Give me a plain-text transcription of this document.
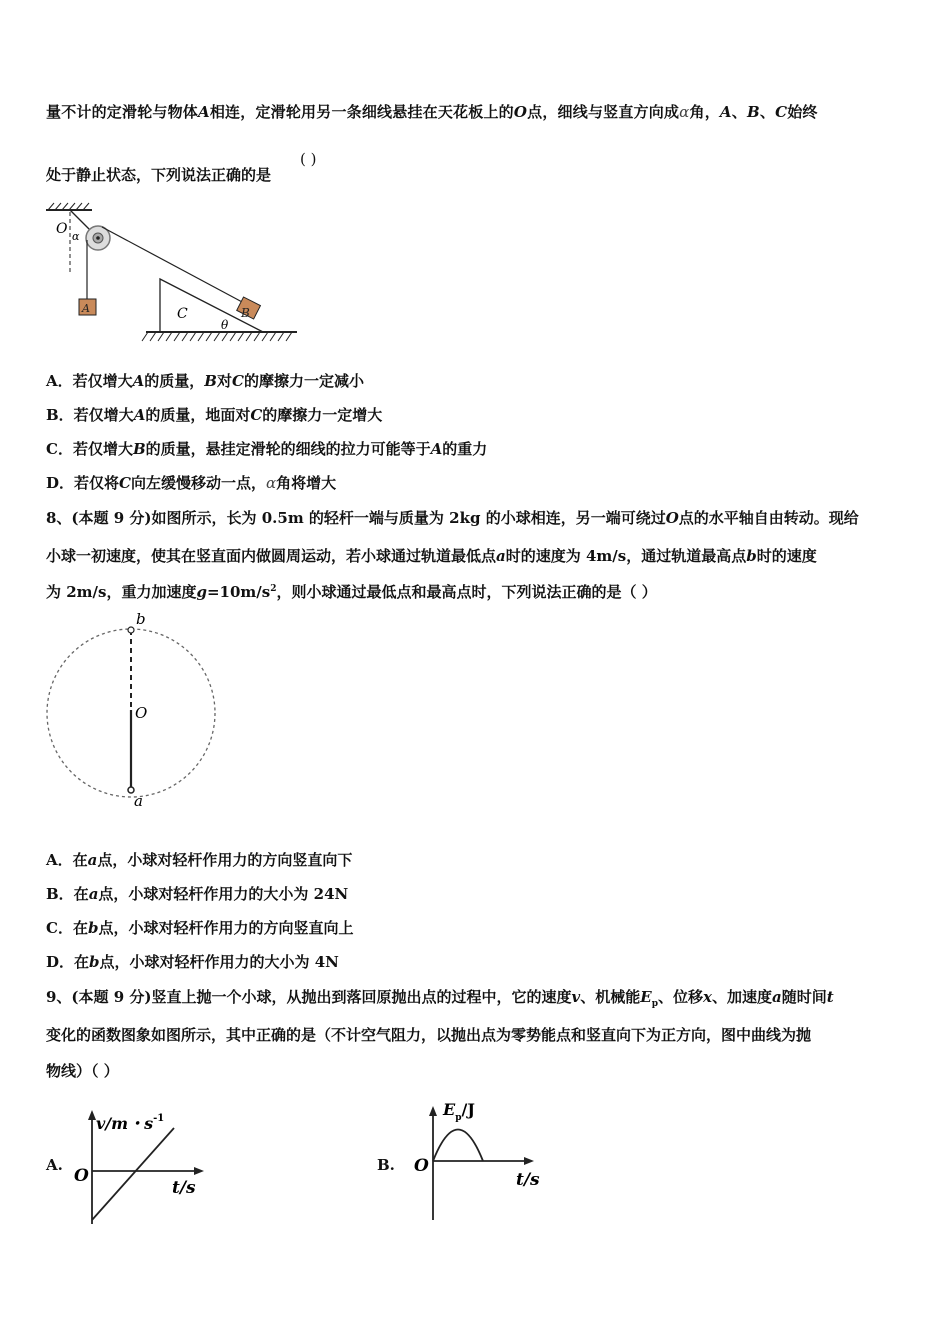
量不计的定滑轮与物体A相连，定滑轮用另一条细线悬挂在天花板上的O点，细线与竖直方向成α角，A、B、C始终
处于静止状态，下列说法正确的是
( )
O α
A	C
θ
B
A．若仅增大A的质量，B对C的摩擦力一定减小
B．若仅增大A的质量，地面对C的摩擦力一定增大
C．若仅增大B的质量，悬挂定滑轮的细线的拉力可能等于A的重力
D．若仅将C向左缓慢移动一点，α角将增大
8、(本题 9 分)如图所示，长为 0.5m 的轻杆一端与质量为 2kg 的小球相连，另一端可绕过O点的水平轴自由转动。现给
小球一初速度，使其在竖直面内做圆周运动，若小球通过轨道最低点a时的速度为 4m/s，通过轨道最高点b时的速度
为 2m/s，重力加速度$g=10m/s^2$，则小球通过最低点和最高点时，下列说法正确的是（ ）
b
O
a
A．在a点，小球对轻杆作用力的方向竖直向下
B．在a点，小球对轻杆作用力的大小为 24N
C．在b点，小球对轻杆作用力的方向竖直向上
D．在b点，小球对轻杆作用力的大小为 4N
9、(本题 9 分)竖直上抛一个小球，从抛出到落回原抛出点的过程中，它的速度v、机械能$E_p$、位移x、加速度a随时间t
变化的函数图象如图所示，其中正确的是（不计空气阻力，以抛出点为零势能点和竖直向下为正方向，图中曲线为抛
物线）（ ）
A.
v/m・$s^{-1}$
O
t/s
B.
$E_p/J$
O
t/s
